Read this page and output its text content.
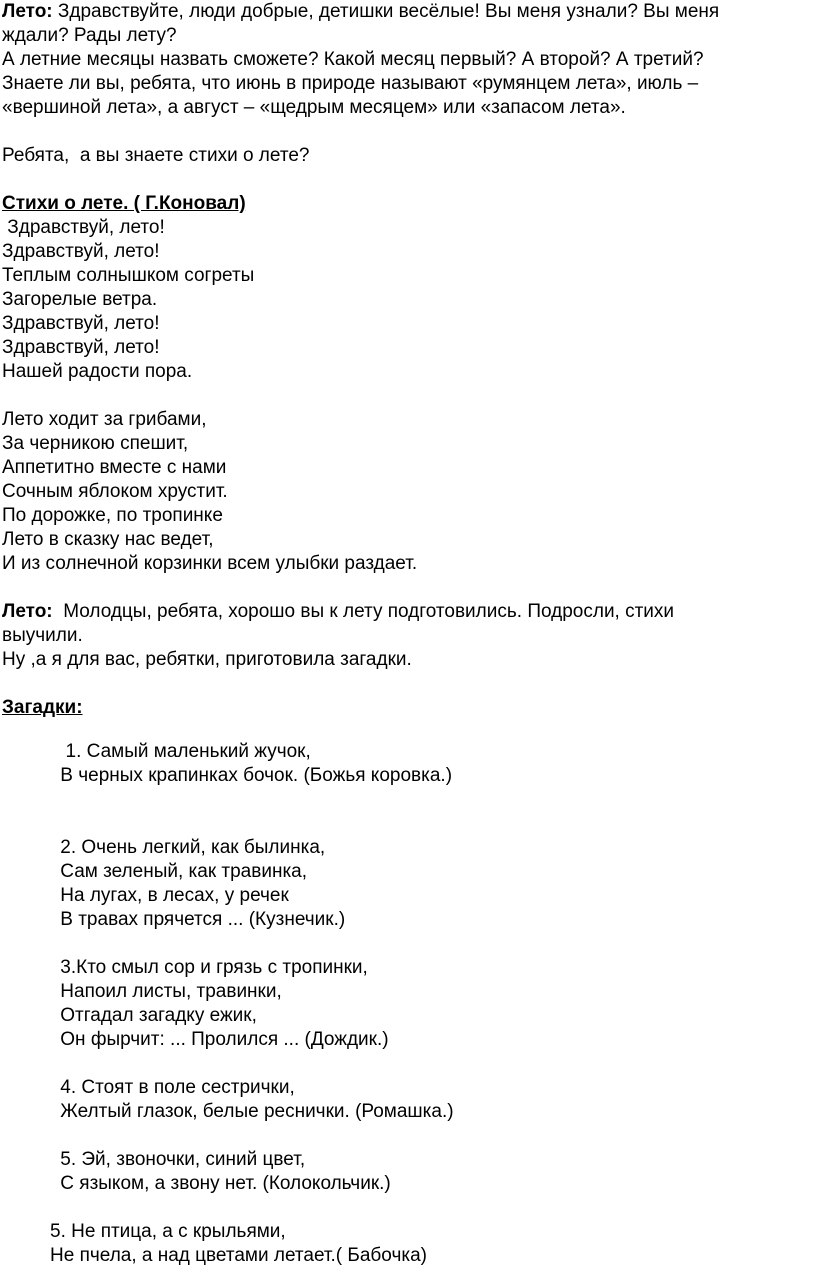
Лето: Здравствуйте, люди добрые, детишки весёлые! Вы меня узнали? Вы меня
ждали? Рады лету?
А летние месяцы назвать сможете? Какой месяц первый? А второй? А третий?
Знаете ли вы, ребята, что июнь в природе называют «румянцем лета», июль –
«вершиной лета», а август – «щедрым месяцем» или «запасом лета».
Ребята,  а вы знаете стихи о лете?
Стихи о лете. ( Г.Коновал)
Здравствуй, лето!
Здравствуй, лето!
Теплым солнышком согреты
Загорелые ветра.
Здравствуй, лето!
Здравствуй, лето!
Нашей радости пора.
Лето ходит за грибами,
За черникою спешит,
Аппетитно вместе с нами
Сочным яблоком хрустит.
По дорожке, по тропинке
Лето в сказку нас ведет,
И из солнечной корзинки всем улыбки раздает.
Лето:  Молодцы, ребята, хорошо вы к лету подготовились. Подросли, стихи
выучили.
Ну ,а я для вас, ребятки, приготовила загадки.
Загадки:
1. Самый маленький жучок,
В черных крапинках бочок. (Божья коровка.)
2. Очень легкий, как былинка,
Сам зеленый, как травинка,
На лугах, в лесах, у речек
В травах прячется ... (Кузнечик.)
3.Кто смыл сор и грязь с тропинки,
Напоил листы, травинки,
Отгадал загадку ежик,
Он фырчит: ... Пролился ... (Дождик.)
4. Стоят в поле сестрички,
Желтый глазок, белые реснички. (Ромашка.)
5. Эй, звоночки, синий цвет,
С языком, а звону нет. (Колокольчик.)
5. Не птица, а с крыльями,
Не пчела, а над цветами летает.( Бабочка)
